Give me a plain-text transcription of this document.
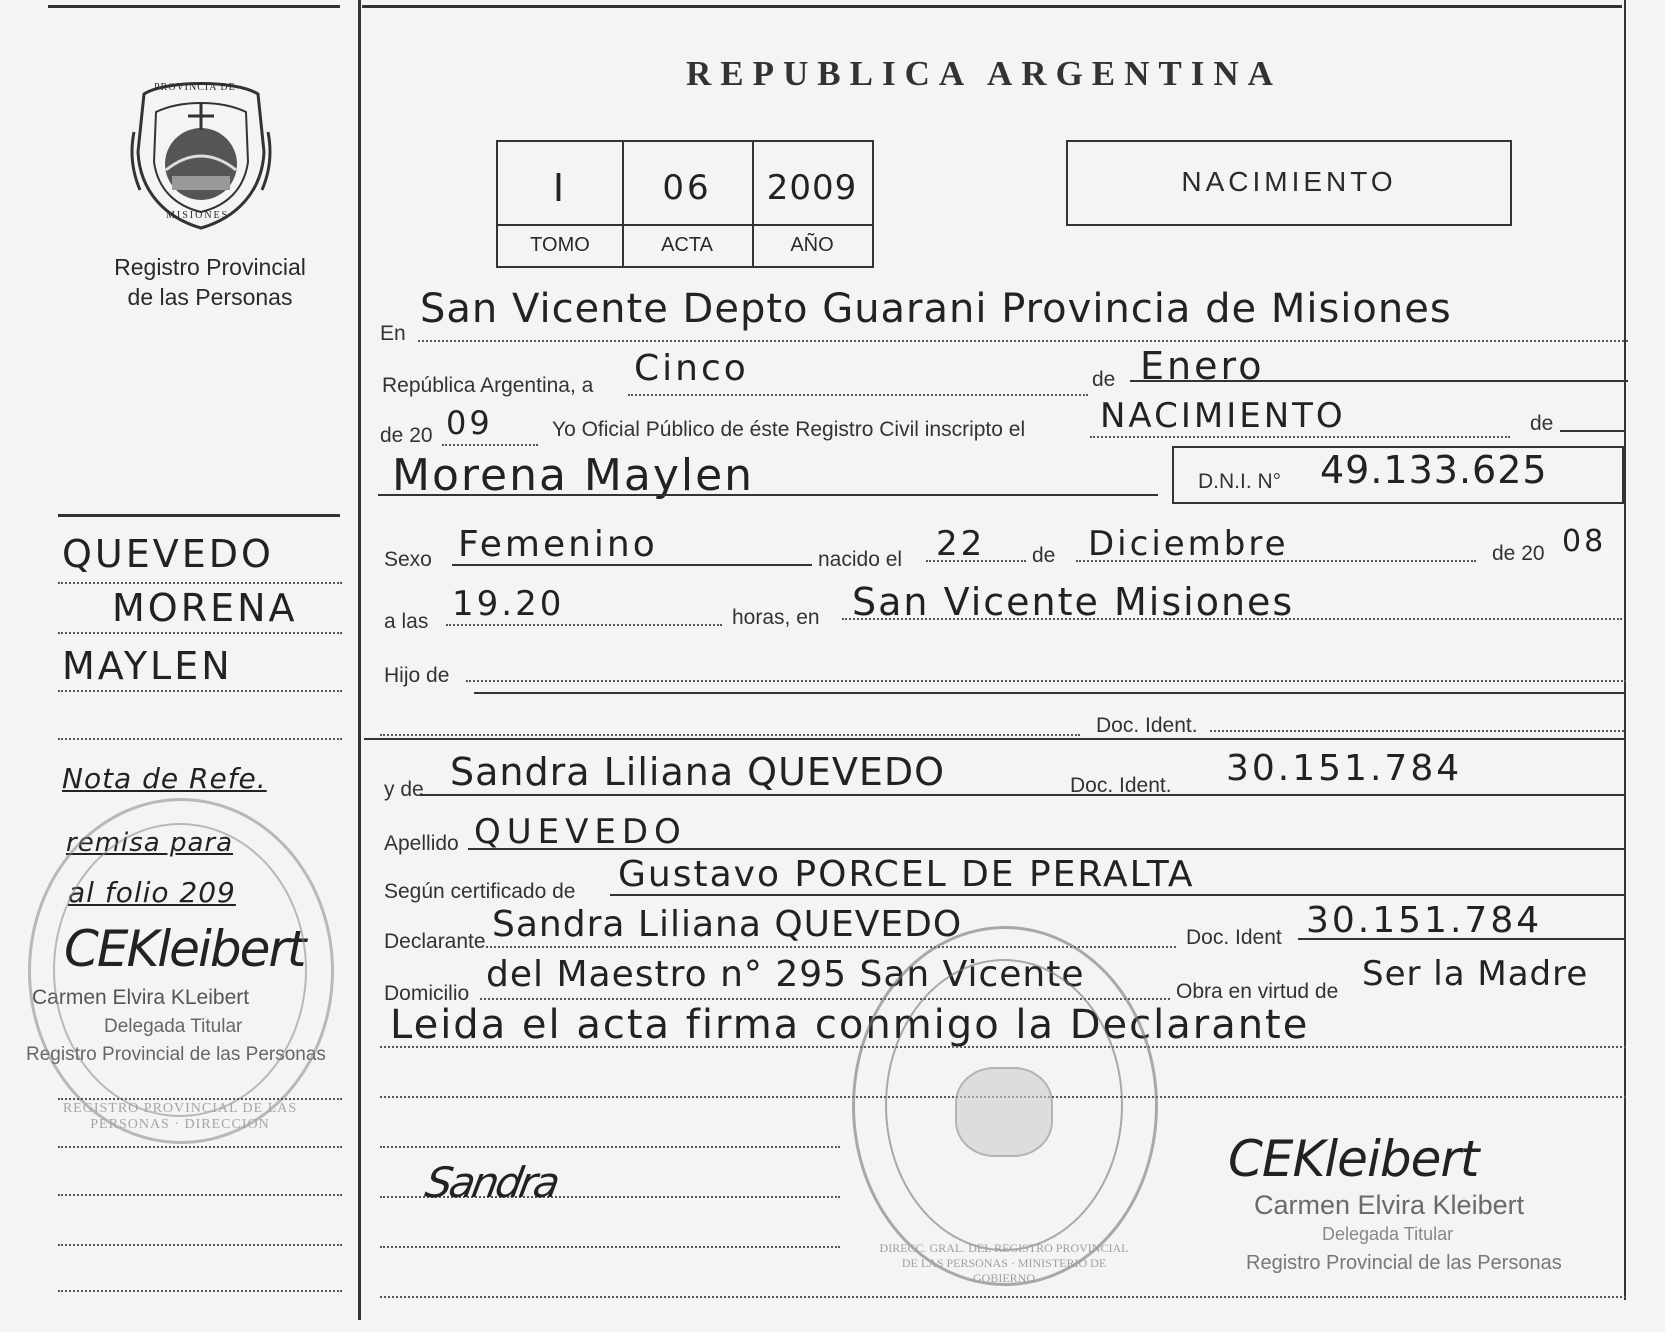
PROVINCIA DE
MISIONES
Registro Provincial
de las Personas
REPUBLICA ARGENTINA
I	06	2009
TOMO	ACTA	AÑO
NACIMIENTO
QUEVEDO
MORENA
MAYLEN
Nota de Refe.
remisa para
al folio 209
CEKleibert
Carmen Elvira KLeibert
Delegada Titular
Registro Provincial de las Personas
REGISTRO PROVINCIAL DE LAS PERSONAS · DIRECCION
En
San Vicente Depto Guarani Provincia de Misiones
República Argentina, a Cinco	de Enero
de 20 09	Yo Oficial Público de éste Registro Civil inscripto el NACIMIENTO	de
Morena Maylen	D.N.I. N° 49.133.625
Sexo Femenino	nacido el 22 de Diciembre	de 20 08
a las 19.20	horas, en San Vicente Misiones
Hijo de
Doc. Ident.
y de Sandra Liliana QUEVEDO	Doc. Ident. 30.151.784
Apellido QUEVEDO
Según certificado de Gustavo PORCEL DE PERALTA
Declarante Sandra Liliana QUEVEDO	Doc. Ident 30.151.784
Domicilio del Maestro n° 295 San Vicente	Obra en virtud de Ser la Madre
Leida el acta firma conmigo la Declarante
Sandra
DIRECC. GRAL. DEL REGISTRO PROVINCIAL DE LAS PERSONAS · MINISTERIO DE GOBIERNO
CEKleibert
Carmen Elvira Kleibert
Delegada Titular
Registro Provincial de las Personas
